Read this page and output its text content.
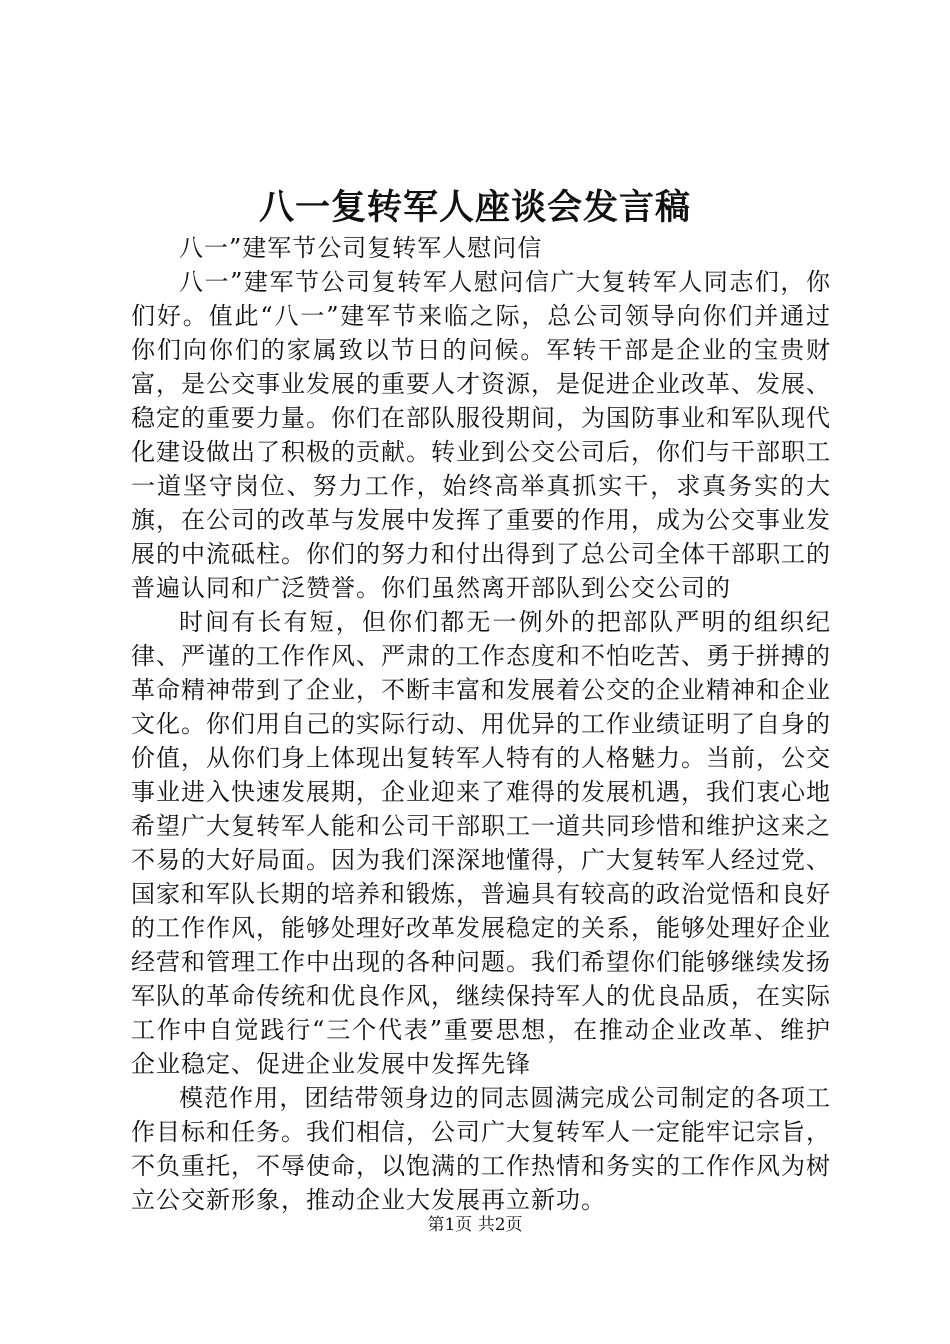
八一复转军人座谈会发言稿

八一”建军节公司复转军人慰问信

八一”建军节公司复转军人慰问信广大复转军人同志们，你们好。值此“八一”建军节来临之际，总公司领导向你们并通过你们向你们的家属致以节日的问候。军转干部是企业的宝贵财富，是公交事业发展的重要人才资源，是促进企业改革、发展、稳定的重要力量。你们在部队服役期间，为国防事业和军队现代化建设做出了积极的贡献。转业到公交公司后，你们与干部职工一道坚守岗位、努力工作，始终高举真抓实干，求真务实的大旗，在公司的改革与发展中发挥了重要的作用，成为公交事业发展的中流砥柱。你们的努力和付出得到了总公司全体干部职工的普遍认同和广泛赞誉。你们虽然离开部队到公交公司的

时间有长有短，但你们都无一例外的把部队严明的组织纪律、严谨的工作作风、严肃的工作态度和不怕吃苦、勇于拼搏的革命精神带到了企业，不断丰富和发展着公交的企业精神和企业文化。你们用自己的实际行动、用优异的工作业绩证明了自身的价值，从你们身上体现出复转军人特有的人格魅力。当前，公交事业进入快速发展期，企业迎来了难得的发展机遇，我们衷心地希望广大复转军人能和公司干部职工一道共同珍惜和维护这来之不易的大好局面。因为我们深深地懂得，广大复转军人经过党、国家和军队长期的培养和锻炼，普遍具有较高的政治觉悟和良好的工作作风，能够处理好改革发展稳定的关系，能够处理好企业经营和管理工作中出现的各种问题。我们希望你们能够继续发扬军队的革命传统和优良作风，继续保持军人的优良品质，在实际工作中自觉践行“三个代表”重要思想，在推动企业改革、维护企业稳定、促进企业发展中发挥先锋

模范作用，团结带领身边的同志圆满完成公司制定的各项工作目标和任务。我们相信，公司广大复转军人一定能牢记宗旨，不负重托，不辱使命，以饱满的工作热情和务实的工作作风为树立公交新形象，推动企业大发展再立新功。

第1页 共2页
